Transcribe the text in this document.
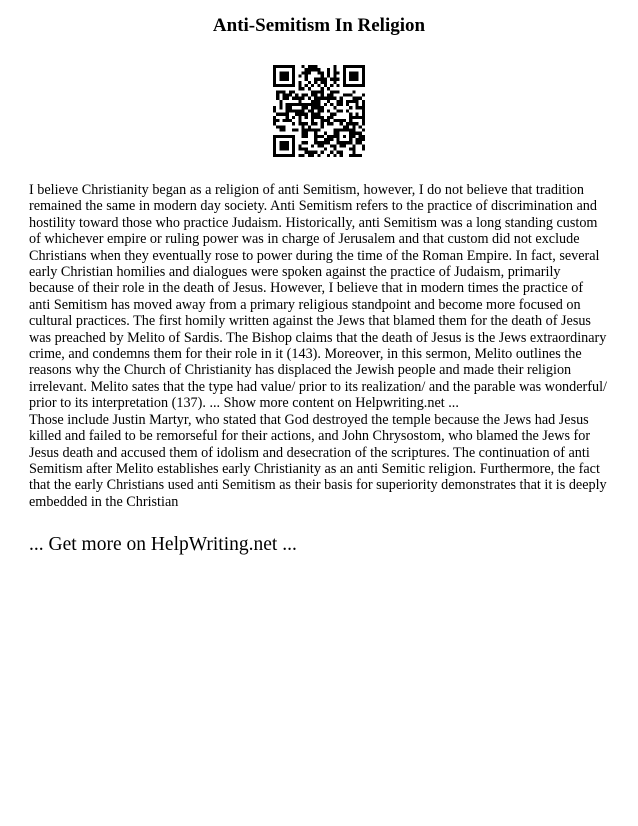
Anti-Semitism In Religion

I believe Christianity began as a religion of anti Semitism, however, I do not believe that tradition remained the same in modern day society. Anti Semitism refers to the practice of discrimination and hostility toward those who practice Judaism. Historically, anti Semitism was a long standing custom of whichever empire or ruling power was in charge of Jerusalem and that custom did not exclude Christians when they eventually rose to power during the time of the Roman Empire. In fact, several early Christian homilies and dialogues were spoken against the practice of Judaism, primarily because of their role in the death of Jesus. However, I believe that in modern times the practice of anti Semitism has moved away from a primary religious standpoint and become more focused on cultural practices. The first homily written against the Jews that blamed them for the death of Jesus was preached by Melito of Sardis. The Bishop claims that the death of Jesus is the Jews extraordinary crime, and condemns them for their role in it (143). Moreover, in this sermon, Melito outlines the reasons why the Church of Christianity has displaced the Jewish people and made their religion irrelevant. Melito sates that the type had value/ prior to its realization/ and the parable was wonderful/ prior to its interpretation (137). ... Show more content on Helpwriting.net ...

Those include Justin Martyr, who stated that God destroyed the temple because the Jews had Jesus killed and failed to be remorseful for their actions, and John Chrysostom, who blamed the Jews for Jesus death and accused them of idolism and desecration of the scriptures. The continuation of anti Semitism after Melito establishes early Christianity as an anti Semitic religion. Furthermore, the fact that the early Christians used anti Semitism as their basis for superiority demonstrates that it is deeply embedded in the Christian

... Get more on HelpWriting.net ...
